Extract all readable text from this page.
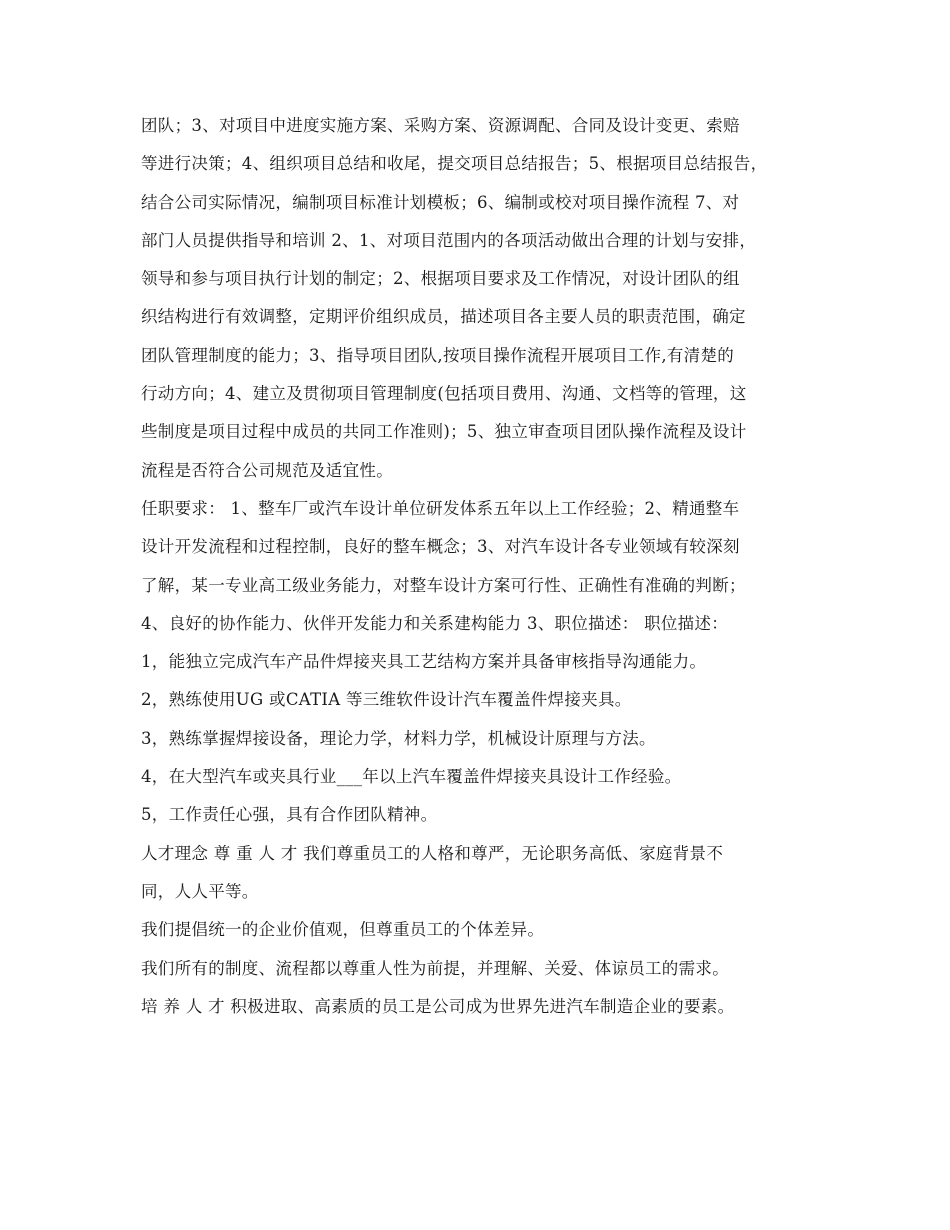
团队；3、对项目中进度实施方案、采购方案、资源调配、合同及设计变更、索赔
等进行决策；4、组织项目总结和收尾，提交项目总结报告；5、根据项目总结报告，
结合公司实际情况，编制项目标准计划模板；6、编制或校对项目操作流程 7、对
部门人员提供指导和培训 2、1、对项目范围内的各项活动做出合理的计划与安排，
领导和参与项目执行计划的制定；2、根据项目要求及工作情况，对设计团队的组
织结构进行有效调整，定期评价组织成员，描述项目各主要人员的职责范围，确定
团队管理制度的能力；3、指导项目团队,按项目操作流程开展项目工作,有清楚的
行动方向；4、建立及贯彻项目管理制度(包括项目费用、沟通、文档等的管理，这
些制度是项目过程中成员的共同工作准则)；5、独立审查项目团队操作流程及设计
流程是否符合公司规范及适宜性。
任职要求： 1、整车厂或汽车设计单位研发体系五年以上工作经验；2、精通整车
设计开发流程和过程控制，良好的整车概念；3、对汽车设计各专业领域有较深刻
了解，某一专业高工级业务能力，对整车设计方案可行性、正确性有准确的判断；
4、良好的协作能力、伙伴开发能力和关系建构能力 3、职位描述： 职位描述：
1，能独立完成汽车产品件焊接夹具工艺结构方案并具备审核指导沟通能力。
2，熟练使用UG 或CATIA 等三维软件设计汽车覆盖件焊接夹具。
3，熟练掌握焊接设备，理论力学，材料力学，机械设计原理与方法。
4，在大型汽车或夹具行业___年以上汽车覆盖件焊接夹具设计工作经验。
5，工作责任心强，具有合作团队精神。
人才理念 尊 重 人 才 我们尊重员工的人格和尊严，无论职务高低、家庭背景不
同，人人平等。
我们提倡统一的企业价值观，但尊重员工的个体差异。
我们所有的制度、流程都以尊重人性为前提，并理解、关爱、体谅员工的需求。
培 养 人 才 积极进取、高素质的员工是公司成为世界先进汽车制造企业的要素。
